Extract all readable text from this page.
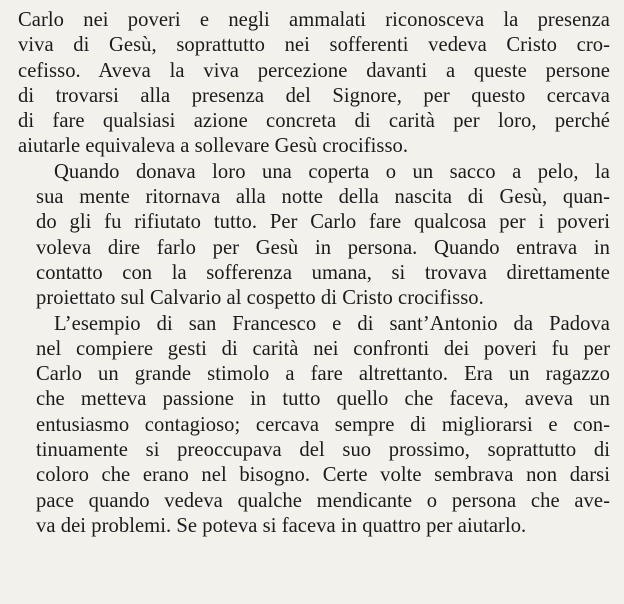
Carlo nei poveri e negli ammalati riconosceva la presenza
viva di Gesù, soprattutto nei sofferenti vedeva Cristo cro-
cefisso. Aveva la viva percezione davanti a queste persone
di trovarsi alla presenza del Signore, per questo cercava
di fare qualsiasi azione concreta di carità per loro, perché
aiutarle equivaleva a sollevare Gesù crocifisso.

Quando donava loro una coperta o un sacco a pelo, la
sua mente ritornava alla notte della nascita di Gesù, quan-
do gli fu rifiutato tutto. Per Carlo fare qualcosa per i poveri
voleva dire farlo per Gesù in persona. Quando entrava in
contatto con la sofferenza umana, si trovava direttamente
proiettato sul Calvario al cospetto di Cristo crocifisso.

L’esempio di san Francesco e di sant’Antonio da Padova
nel compiere gesti di carità nei confronti dei poveri fu per
Carlo un grande stimolo a fare altrettanto. Era un ragazzo
che metteva passione in tutto quello che faceva, aveva un
entusiasmo contagioso; cercava sempre di migliorarsi e con-
tinuamente si preoccupava del suo prossimo, soprattutto di
coloro che erano nel bisogno. Certe volte sembrava non darsi
pace quando vedeva qualche mendicante o persona che ave-
va dei problemi. Se poteva si faceva in quattro per aiutarlo.
